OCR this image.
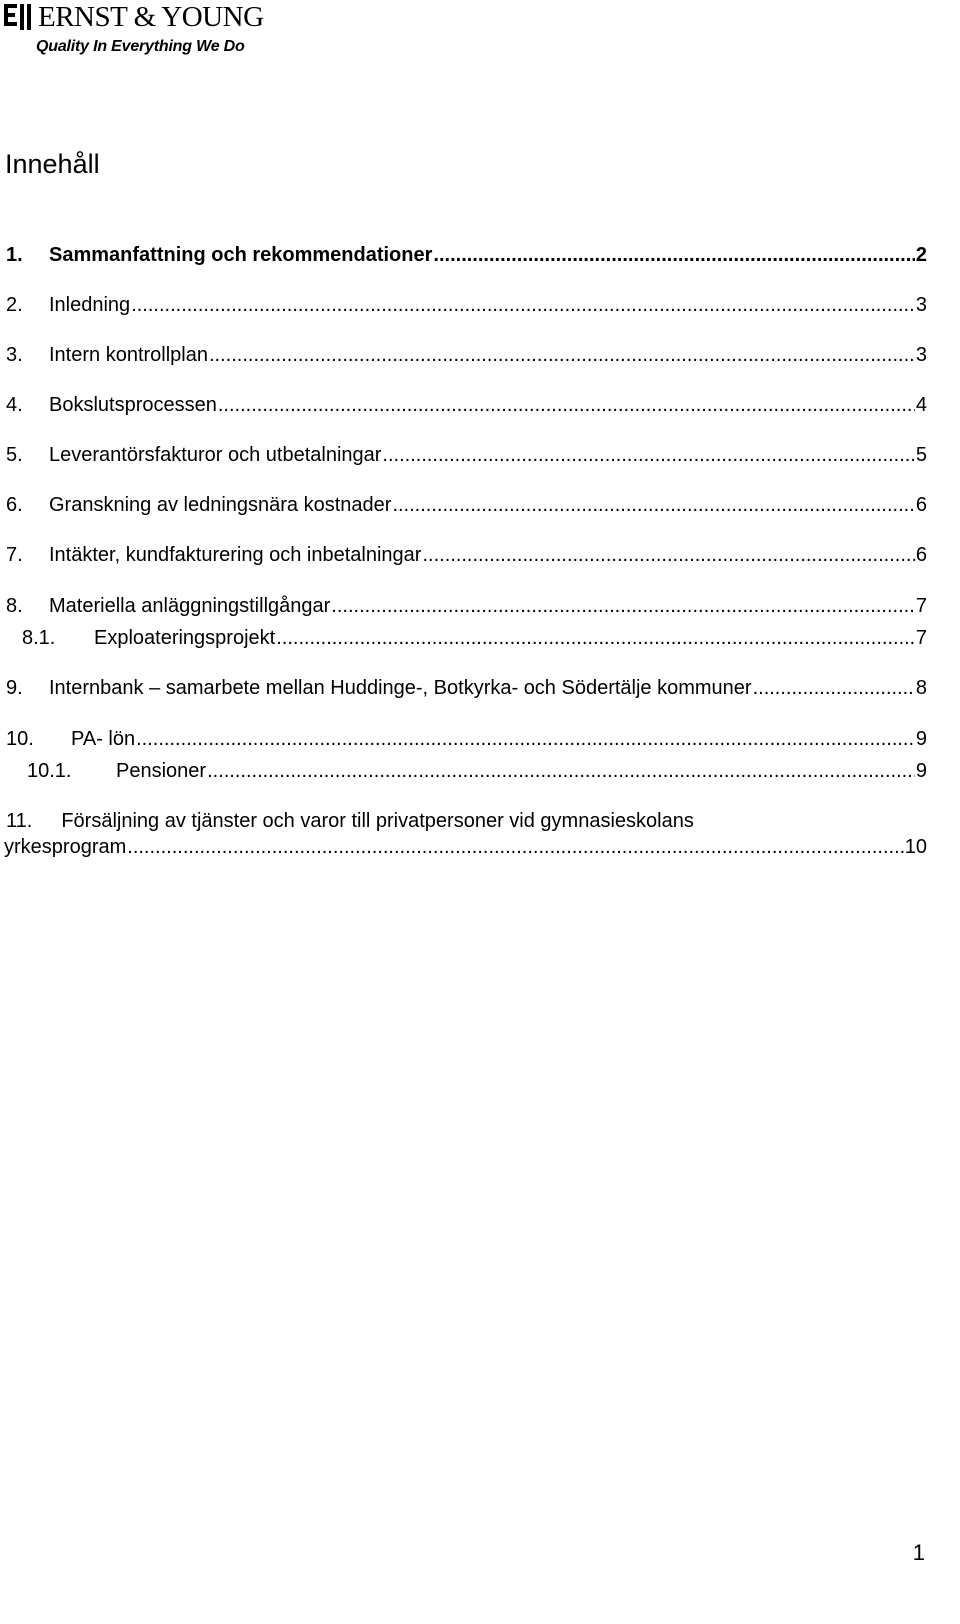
ERNST & YOUNG
Quality In Everything We Do
Innehåll
1. Sammanfattning och rekommendationer .....	2
2. Inledning .....	3
3. Intern kontrollplan .....	3
4. Bokslutsprocessen .....	4
5. Leverantörsfakturor och utbetalningar .....	5
6. Granskning av ledningsnära kostnader .....	6
7. Intäkter, kundfakturering och inbetalningar .....	6
8. Materiella anläggningstillgångar .....	7
8.1. Exploateringsprojekt .....	7
9. Internbank – samarbete mellan Huddinge-, Botkyrka- och Södertälje kommuner .....	8
10. PA- lön .....	9
10.1. Pensioner .....	9
11. Försäljning av tjänster och varor till privatpersoner vid gymnasieskolans
yrkesprogram .....	10
1
